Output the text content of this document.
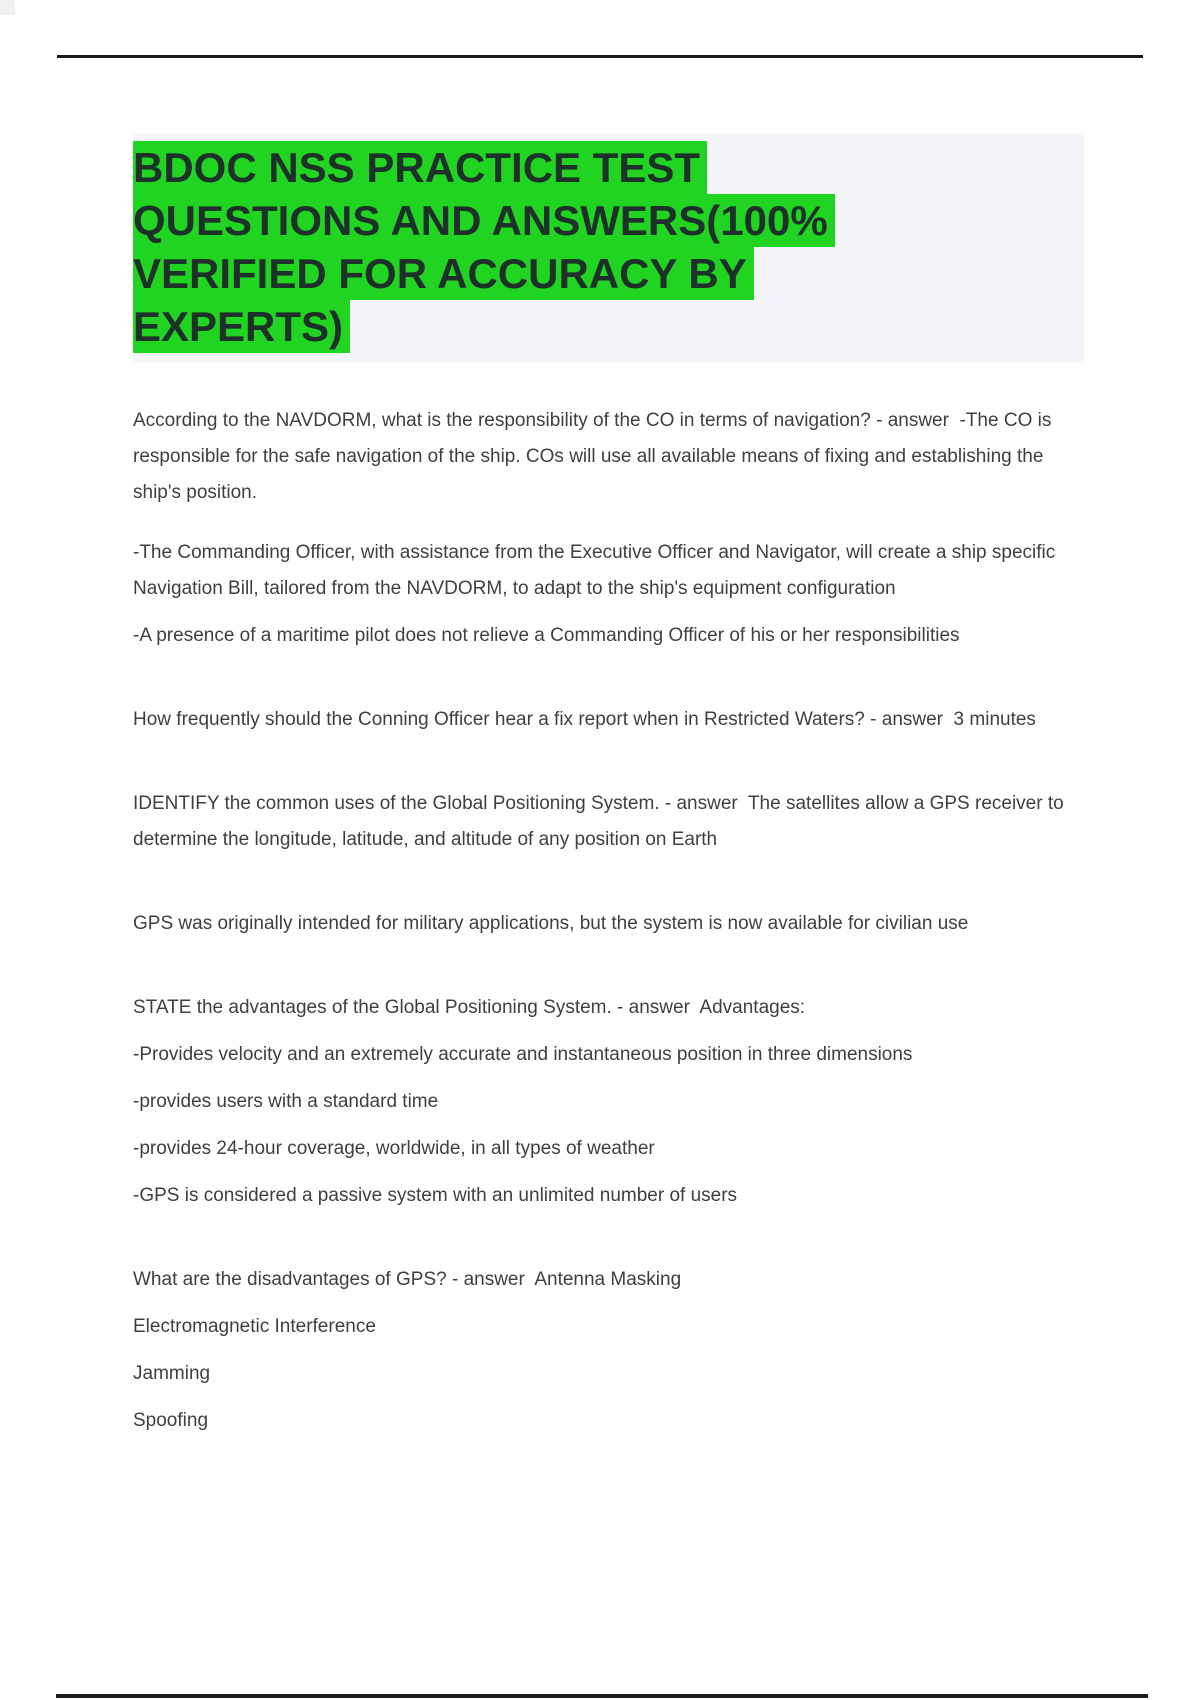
BDOC NSS PRACTICE TEST
QUESTIONS AND ANSWERS(100%
VERIFIED FOR ACCURACY BY
EXPERTS)
According to the NAVDORM, what is the responsibility of the CO in terms of navigation? - answer  -The CO is responsible for the safe navigation of the ship. COs will use all available means of fixing and establishing the ship's position.
-The Commanding Officer, with assistance from the Executive Officer and Navigator, will create a ship specific Navigation Bill, tailored from the NAVDORM, to adapt to the ship's equipment configuration
-A presence of a maritime pilot does not relieve a Commanding Officer of his or her responsibilities
How frequently should the Conning Officer hear a fix report when in Restricted Waters? - answer  3 minutes
IDENTIFY the common uses of the Global Positioning System. - answer  The satellites allow a GPS receiver to determine the longitude, latitude, and altitude of any position on Earth
GPS was originally intended for military applications, but the system is now available for civilian use
STATE the advantages of the Global Positioning System. - answer  Advantages:
-Provides velocity and an extremely accurate and instantaneous position in three dimensions
-provides users with a standard time
-provides 24-hour coverage, worldwide, in all types of weather
-GPS is considered a passive system with an unlimited number of users
What are the disadvantages of GPS? - answer  Antenna Masking
Electromagnetic Interference
Jamming
Spoofing
